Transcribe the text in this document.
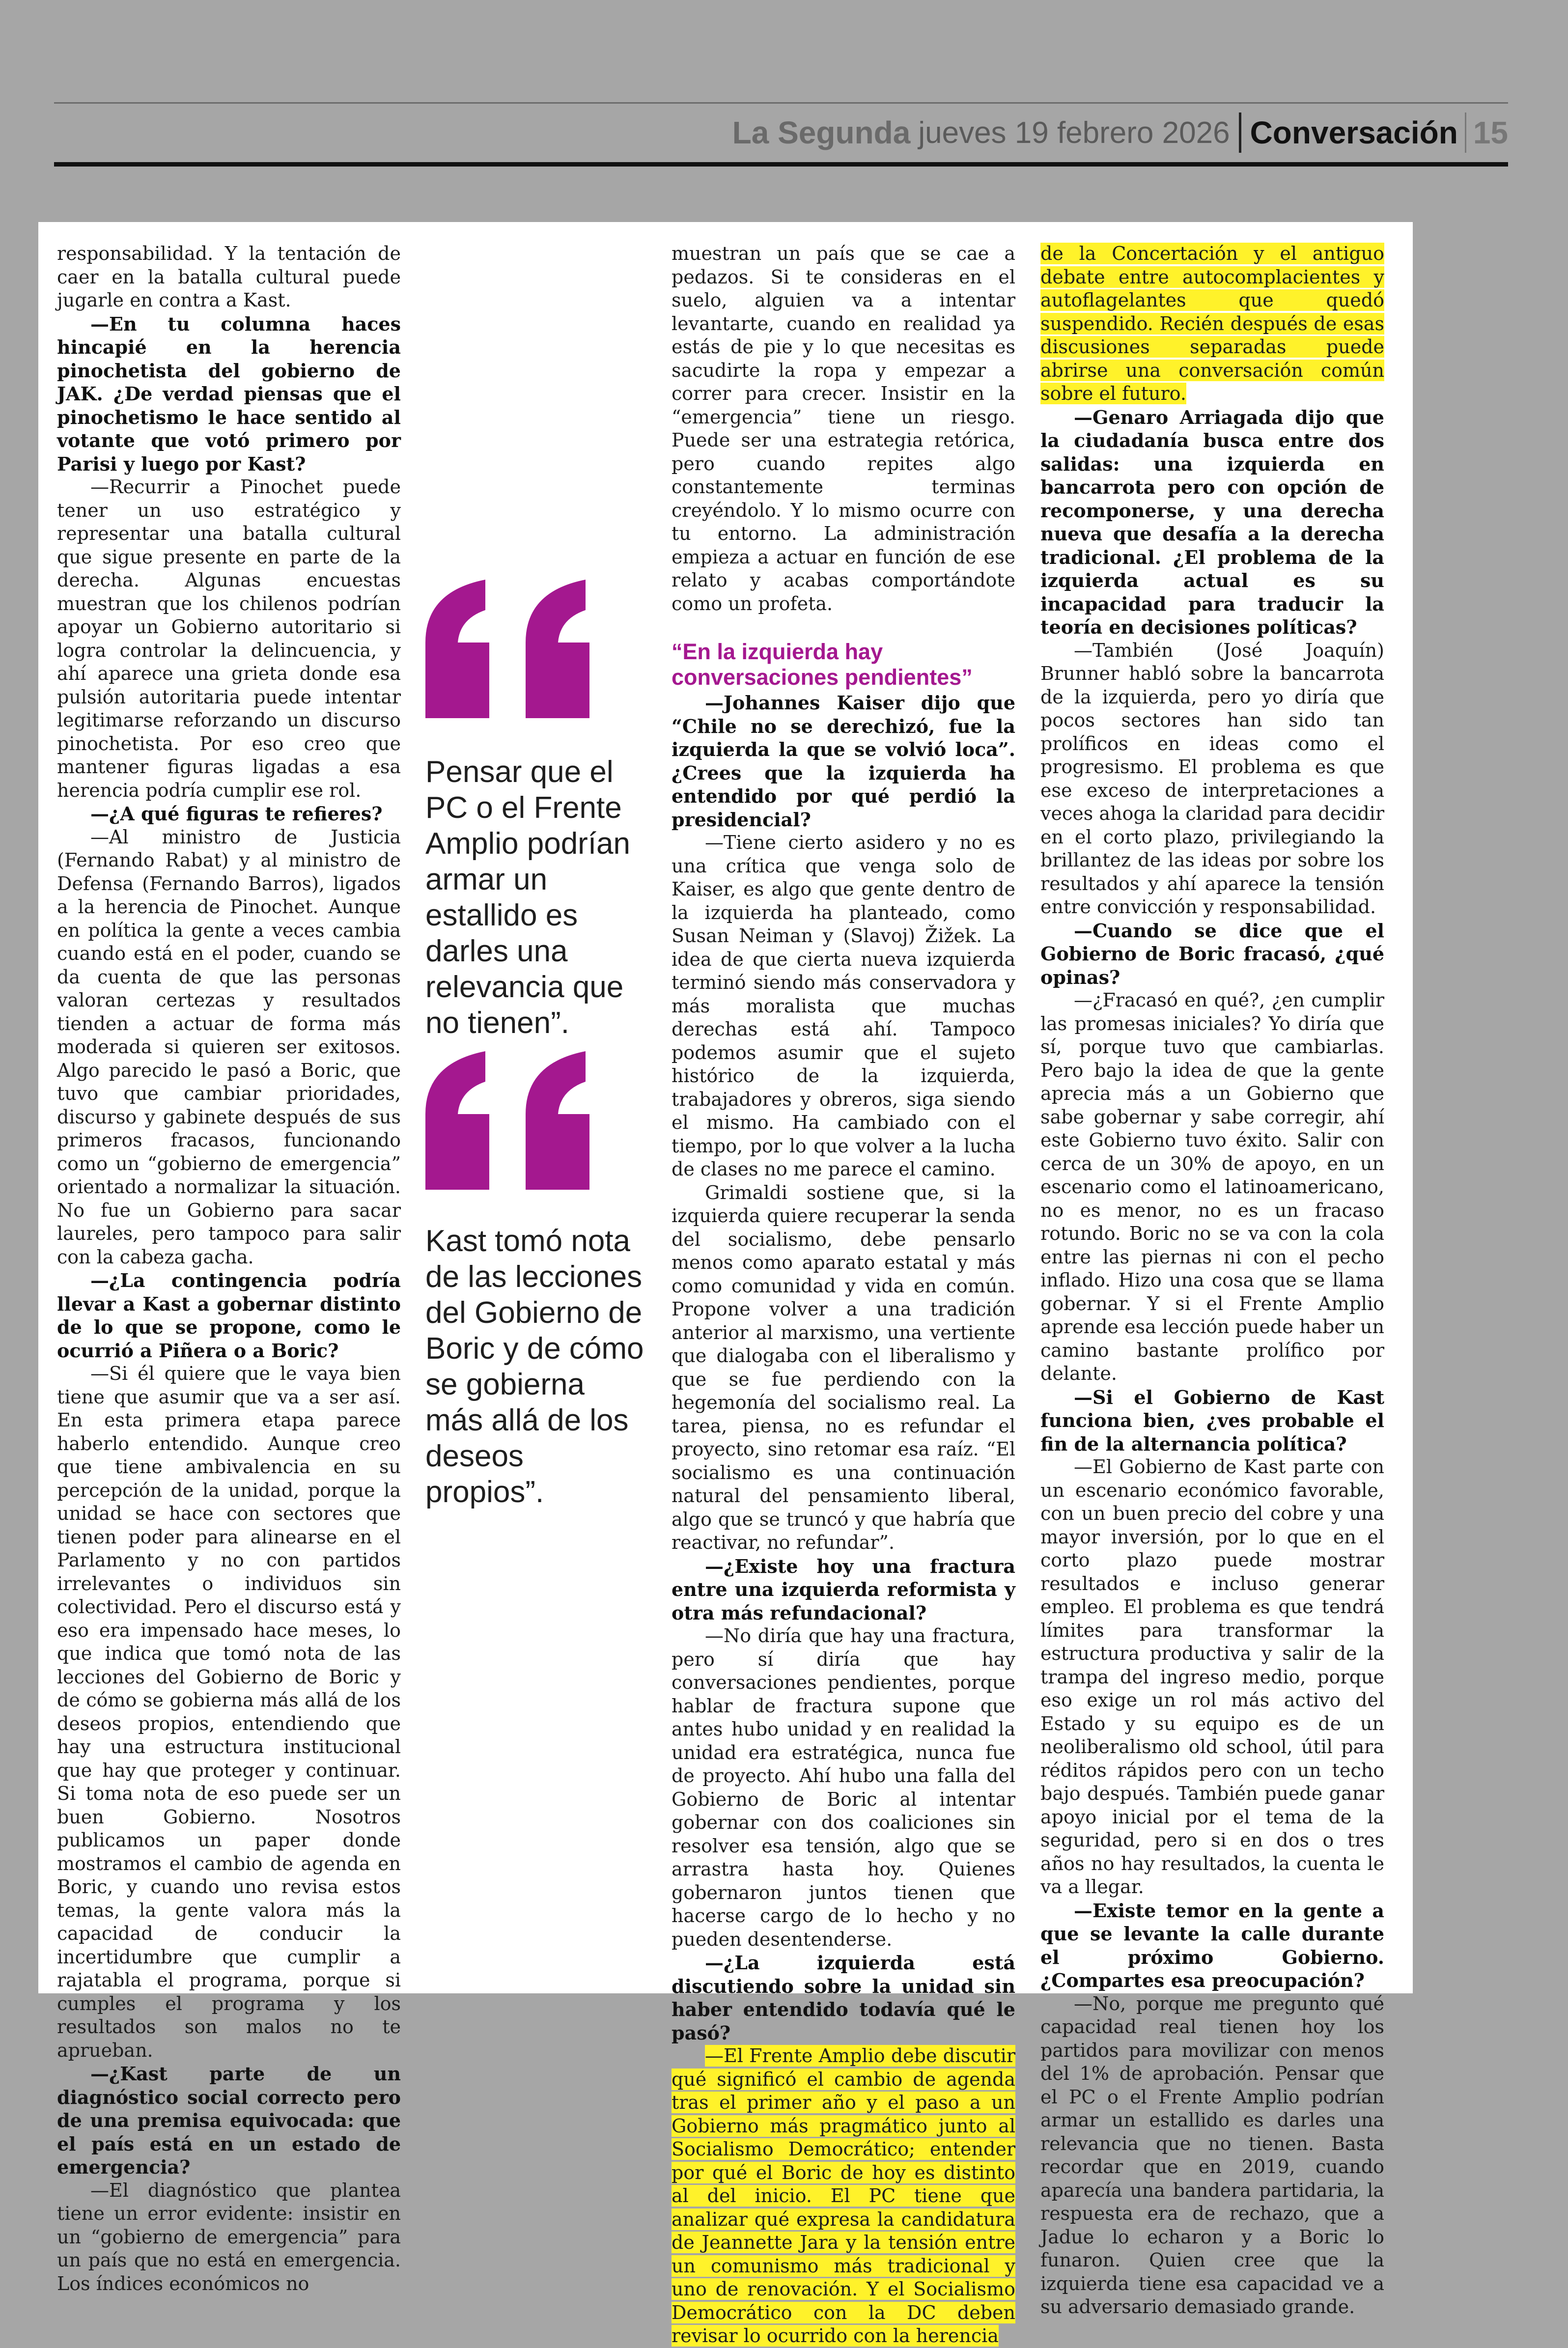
La Segunda jueves 19 febrero 2026 Conversación 15

responsabilidad. Y la tentación de caer en la batalla cultural puede jugarle en contra a Kast.

—En tu columna haces hincapié en la herencia pinochetista del gobierno de JAK. ¿De verdad piensas que el pinochetismo le hace sentido al votante que votó primero por Parisi y luego por Kast?

—Recurrir a Pinochet puede tener un uso estratégico y representar una batalla cultural que sigue presente en parte de la derecha. Algunas encuestas muestran que los chilenos podrían apoyar un Gobierno autoritario si logra controlar la delincuencia, y ahí aparece una grieta donde esa pulsión autoritaria puede intentar legitimarse reforzando un discurso pinochetista. Por eso creo que mantener figuras ligadas a esa herencia podría cumplir ese rol.

—¿A qué figuras te refieres?

—Al ministro de Justicia (Fernando Rabat) y al ministro de Defensa (Fernando Barros), ligados a la herencia de Pinochet. Aunque en política la gente a veces cambia cuando está en el poder, cuando se da cuenta de que las personas valoran certezas y resultados tienden a actuar de forma más moderada si quieren ser exitosos. Algo parecido le pasó a Boric, que tuvo que cambiar prioridades, discurso y gabinete después de sus primeros fracasos, funcionando como un “gobierno de emergencia” orientado a normalizar la situación. No fue un Gobierno para sacar laureles, pero tampoco para salir con la cabeza gacha.

—¿La contingencia podría llevar a Kast a gobernar distinto de lo que se propone, como le ocurrió a Piñera o a Boric?

—Si él quiere que le vaya bien tiene que asumir que va a ser así. En esta primera etapa parece haberlo entendido. Aunque creo que tiene ambivalencia en su percepción de la unidad, porque la unidad se hace con sectores que tienen poder para alinearse en el Parlamento y no con partidos irrelevantes o individuos sin colectividad. Pero el discurso está y eso era impensado hace meses, lo que indica que tomó nota de las lecciones del Gobierno de Boric y de cómo se gobierna más allá de los deseos propios, entendiendo que hay una estructura institucional que hay que proteger y continuar. Si toma nota de eso puede ser un buen Gobierno. Nosotros publicamos un paper donde mostramos el cambio de agenda en Boric, y cuando uno revisa estos temas, la gente valora más la capacidad de conducir la incertidumbre que cumplir a rajatabla el programa, porque si cumples el programa y los resultados son malos no te aprueban.

—¿Kast parte de un diagnóstico social correcto pero de una premisa equivocada: que el país está en un estado de emergencia?

—El diagnóstico que plantea tiene un error evidente: insistir en un “gobierno de emergencia” para un país que no está en emergencia. Los índices económicos no

Pensar que el PC o el Frente Amplio podrían armar un estallido es darles una relevancia que no tienen”.
Kast tomó nota de las lecciones del Gobierno de Boric y de cómo se gobierna más allá de los deseos propios”.

muestran un país que se cae a pedazos. Si te consideras en el suelo, alguien va a intentar levantarte, cuando en realidad ya estás de pie y lo que necesitas es sacudirte la ropa y empezar a correr para crecer. Insistir en la “emergencia” tiene un riesgo. Puede ser una estrategia retórica, pero cuando repites algo constantemente terminas creyéndolo. Y lo mismo ocurre con tu entorno. La administración empieza a actuar en función de ese relato y acabas comportándote como un profeta.

“En la izquierda hay conversaciones pendientes”

—Johannes Kaiser dijo que “Chile no se derechizó, fue la izquierda la que se volvió loca”. ¿Crees que la izquierda ha entendido por qué perdió la presidencial?

—Tiene cierto asidero y no es una crítica que venga solo de Kaiser, es algo que gente dentro de la izquierda ha planteado, como Susan Neiman y (Slavoj) Žižek. La idea de que cierta nueva izquierda terminó siendo más conservadora y más moralista que muchas derechas está ahí. Tampoco podemos asumir que el sujeto histórico de la izquierda, trabajadores y obreros, siga siendo el mismo. Ha cambiado con el tiempo, por lo que volver a la lucha de clases no me parece el camino.

Grimaldi sostiene que, si la izquierda quiere recuperar la senda del socialismo, debe pensarlo menos como aparato estatal y más como comunidad y vida en común. Propone volver a una tradición anterior al marxismo, una vertiente que dialogaba con el liberalismo y que se fue perdiendo con la hegemonía del socialismo real. La tarea, piensa, no es refundar el proyecto, sino retomar esa raíz. “El socialismo es una continuación natural del pensamiento liberal, algo que se truncó y que habría que reactivar, no refundar”.

—¿Existe hoy una fractura entre una izquierda reformista y otra más refundacional?

—No diría que hay una fractura, pero sí diría que hay conversaciones pendientes, porque hablar de fractura supone que antes hubo unidad y en realidad la unidad era estratégica, nunca fue de proyecto. Ahí hubo una falla del Gobierno de Boric al intentar gobernar con dos coaliciones sin resolver esa tensión, algo que se arrastra hasta hoy. Quienes gobernaron juntos tienen que hacerse cargo de lo hecho y no pueden desentenderse.

—¿La izquierda está discutiendo sobre la unidad sin haber entendido todavía qué le pasó?

—El Frente Amplio debe discutir qué significó el cambio de agenda tras el primer año y el paso a un Gobierno más pragmático junto al Socialismo Democrático; entender por qué el Boric de hoy es distinto al del inicio. El PC tiene que analizar qué expresa la candidatura de Jeannette Jara y la tensión entre un comunismo más tradicional y uno de renovación. Y el Socialismo Democrático con la DC deben revisar lo ocurrido con la herencia

de la Concertación y el antiguo debate entre autocomplacientes y autoflagelantes que quedó suspendido. Recién después de esas discusiones separadas puede abrirse una conversación común sobre el futuro.

—Genaro Arriagada dijo que la ciudadanía busca entre dos salidas: una izquierda en bancarrota pero con opción de recomponerse, y una derecha nueva que desafía a la derecha tradicional. ¿El problema de la izquierda actual es su incapacidad para traducir la teoría en decisiones políticas?

—También (José Joaquín) Brunner habló sobre la bancarrota de la izquierda, pero yo diría que pocos sectores han sido tan prolíficos en ideas como el progresismo. El problema es que ese exceso de interpretaciones a veces ahoga la claridad para decidir en el corto plazo, privilegiando la brillantez de las ideas por sobre los resultados y ahí aparece la tensión entre convicción y responsabilidad.

—Cuando se dice que el Gobierno de Boric fracasó, ¿qué opinas?

—¿Fracasó en qué?, ¿en cumplir las promesas iniciales? Yo diría que sí, porque tuvo que cambiarlas. Pero bajo la idea de que la gente aprecia más a un Gobierno que sabe gobernar y sabe corregir, ahí este Gobierno tuvo éxito. Salir con cerca de un 30% de apoyo, en un escenario como el latinoamericano, no es menor, no es un fracaso rotundo. Boric no se va con la cola entre las piernas ni con el pecho inflado. Hizo una cosa que se llama gobernar. Y si el Frente Amplio aprende esa lección puede haber un camino bastante prolífico por delante.

—Si el Gobierno de Kast funciona bien, ¿ves probable el fin de la alternancia política?

—El Gobierno de Kast parte con un escenario económico favorable, con un buen precio del cobre y una mayor inversión, por lo que en el corto plazo puede mostrar resultados e incluso generar empleo. El problema es que tendrá límites para transformar la estructura productiva y salir de la trampa del ingreso medio, porque eso exige un rol más activo del Estado y su equipo es de un neoliberalismo old school, útil para réditos rápidos pero con un techo bajo después. También puede ganar apoyo inicial por el tema de la seguridad, pero si en dos o tres años no hay resultados, la cuenta le va a llegar.

—Existe temor en la gente a que se levante la calle durante el próximo Gobierno. ¿Compartes esa preocupación?

—No, porque me pregunto qué capacidad real tienen hoy los partidos para movilizar con menos del 1% de aprobación. Pensar que el PC o el Frente Amplio podrían armar un estallido es darles una relevancia que no tienen. Basta recordar que en 2019, cuando aparecía una bandera partidaria, la respuesta era de rechazo, que a Jadue lo echaron y a Boric lo funaron. Quien cree que la izquierda tiene esa capacidad ve a su adversario demasiado grande.
